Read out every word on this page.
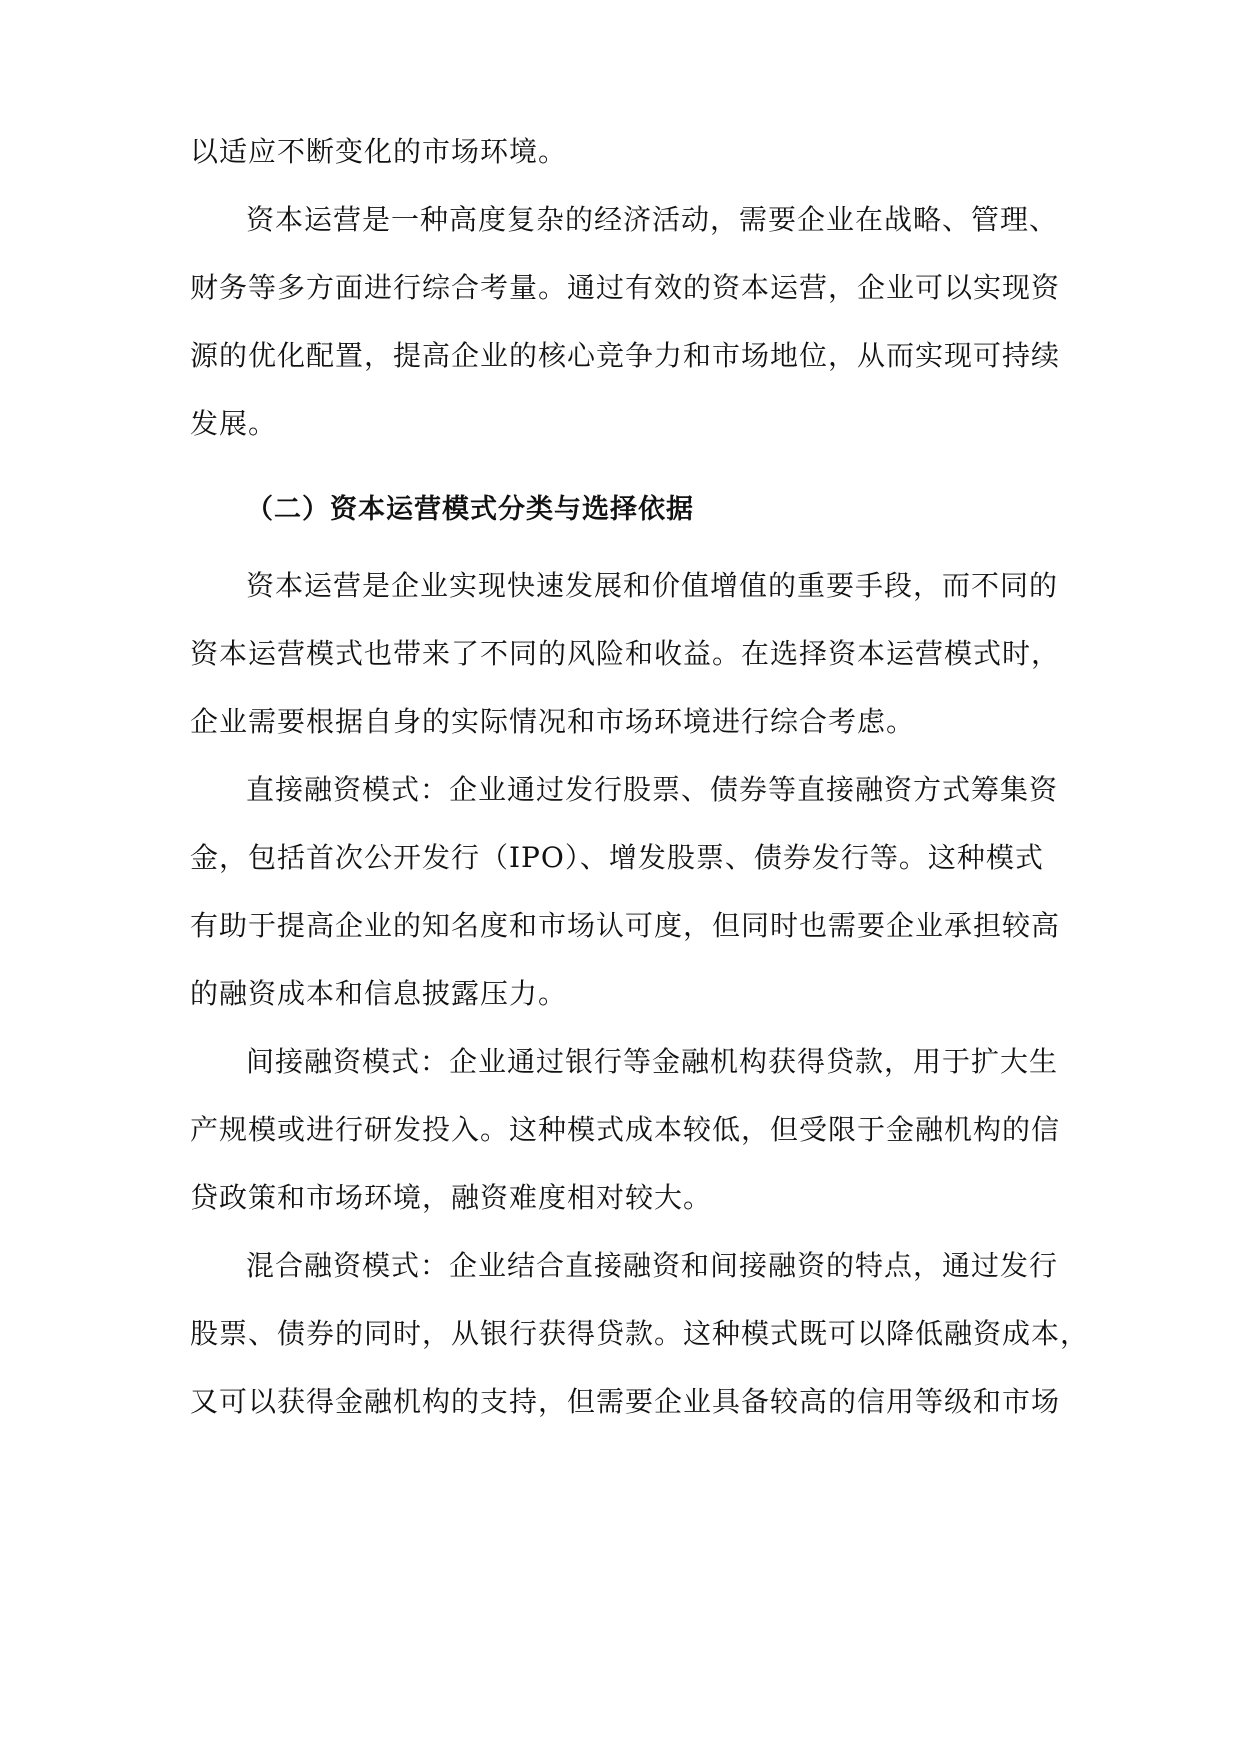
以适应不断变化的市场环境。
资本运营是一种高度复杂的经济活动，需要企业在战略、管理、
财务等多方面进行综合考量。通过有效的资本运营，企业可以实现资
源的优化配置，提高企业的核心竞争力和市场地位，从而实现可持续
发展。
（二）资本运营模式分类与选择依据
资本运营是企业实现快速发展和价值增值的重要手段，而不同的
资本运营模式也带来了不同的风险和收益。在选择资本运营模式时，
企业需要根据自身的实际情况和市场环境进行综合考虑。
直接融资模式：企业通过发行股票、债券等直接融资方式筹集资
金，包括首次公开发行（IPO）、增发股票、债券发行等。这种模式
有助于提高企业的知名度和市场认可度，但同时也需要企业承担较高
的融资成本和信息披露压力。
间接融资模式：企业通过银行等金融机构获得贷款，用于扩大生
产规模或进行研发投入。这种模式成本较低，但受限于金融机构的信
贷政策和市场环境，融资难度相对较大。
混合融资模式：企业结合直接融资和间接融资的特点，通过发行
股票、债券的同时，从银行获得贷款。这种模式既可以降低融资成本，
又可以获得金融机构的支持，但需要企业具备较高的信用等级和市场
